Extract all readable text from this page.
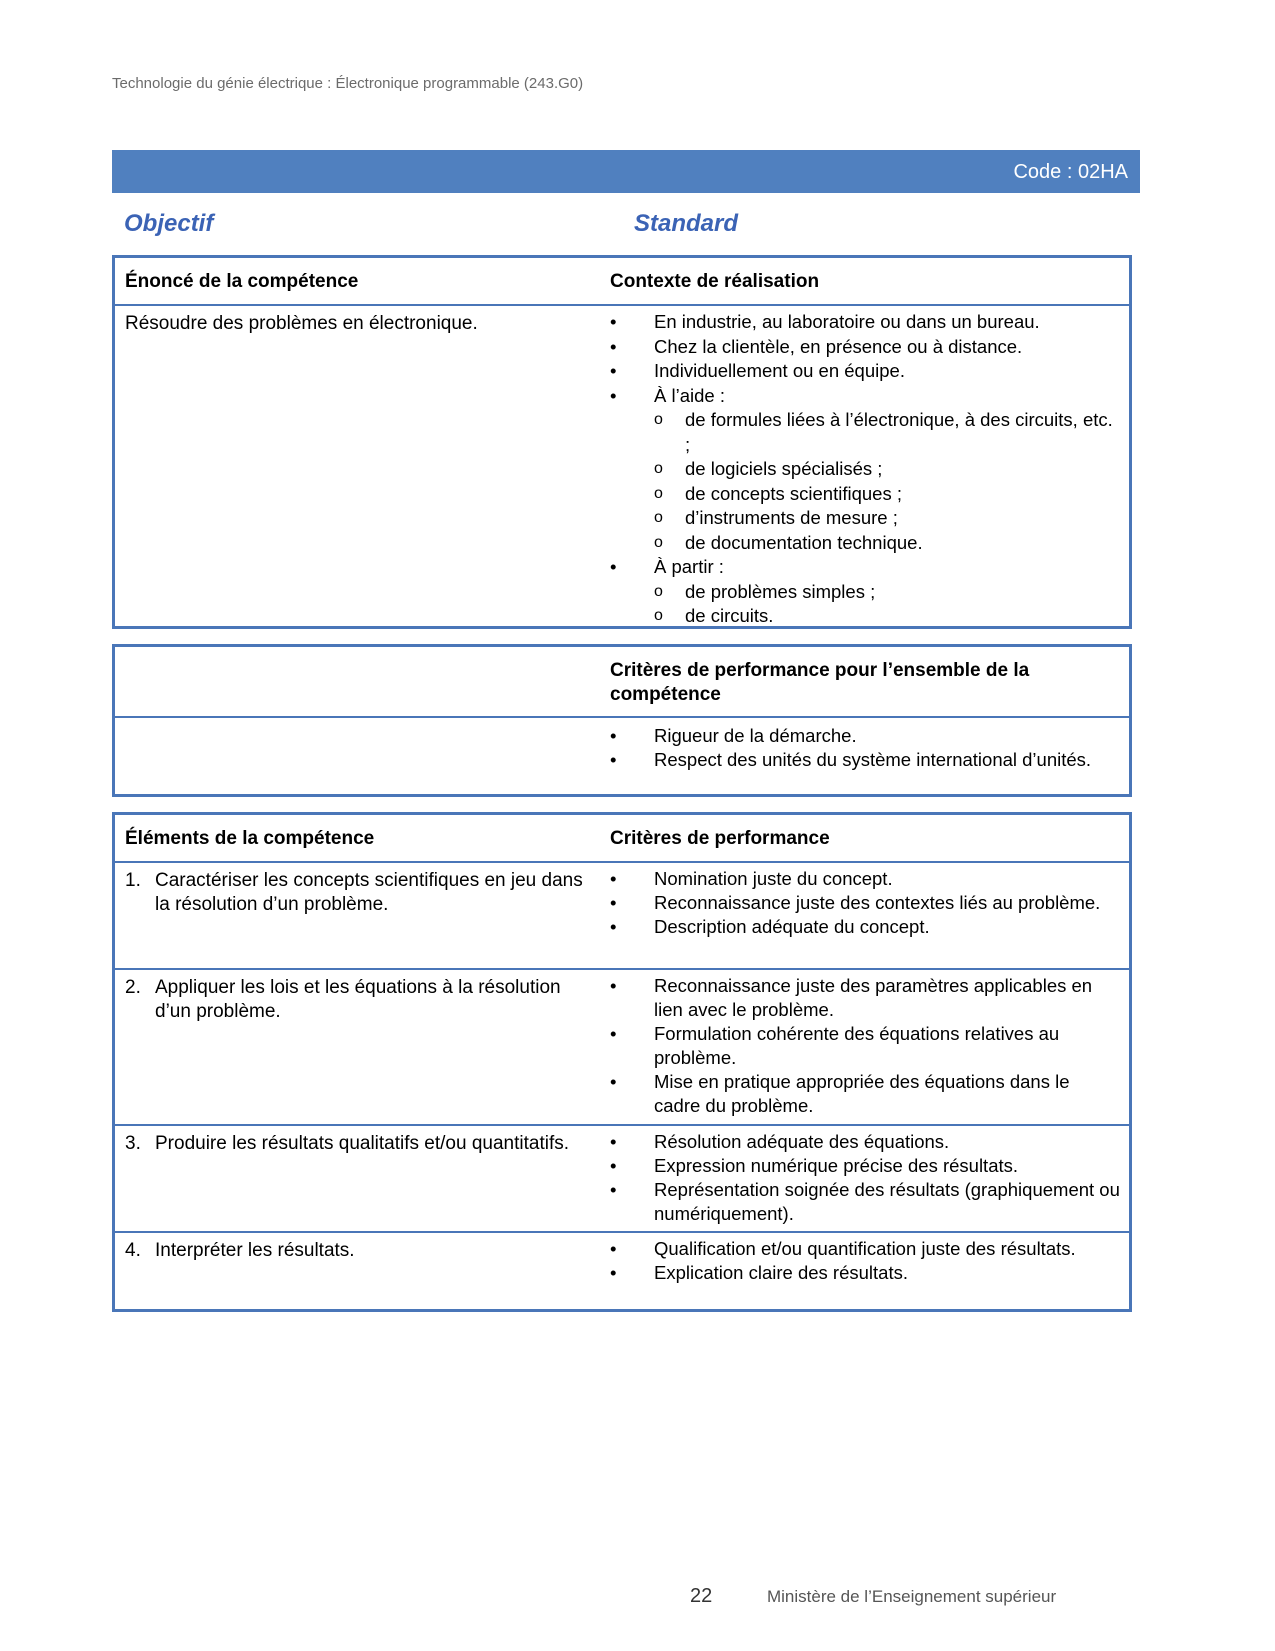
Technologie du génie électrique : Électronique programmable (243.G0)
Code : 02HA
Objectif	Standard
Énoncé de la compétence	Contexte de réalisation
Résoudre des problèmes en électronique.	• En industrie, au laboratoire ou dans un bureau.
• Chez la clientèle, en présence ou à distance.
• Individuellement ou en équipe.
• À l’aide :
o de formules liées à l’électronique, à des circuits, etc. ;
o de logiciels spécialisés ;
o de concepts scientifiques ;
o d’instruments de mesure ;
o de documentation technique.
• À partir :
o de problèmes simples ;
o de circuits.
Critères de performance pour l’ensemble de la compétence
• Rigueur de la démarche.
• Respect des unités du système international d’unités.
Éléments de la compétence	Critères de performance
1. Caractériser les concepts scientifiques en jeu dans la résolution d’un problème.
• Nomination juste du concept.
• Reconnaissance juste des contextes liés au problème.
• Description adéquate du concept.
2. Appliquer les lois et les équations à la résolution d’un problème.
• Reconnaissance juste des paramètres applicables en lien avec le problème.
• Formulation cohérente des équations relatives au problème.
• Mise en pratique appropriée des équations dans le cadre du problème.
3. Produire les résultats qualitatifs et/ou quantitatifs.	• Résolution adéquate des équations.
• Expression numérique précise des résultats.
• Représentation soignée des résultats (graphiquement ou numériquement).
4. Interpréter les résultats.	• Qualification et/ou quantification juste des résultats.
• Explication claire des résultats.
22	Ministère de l’Enseignement supérieur
